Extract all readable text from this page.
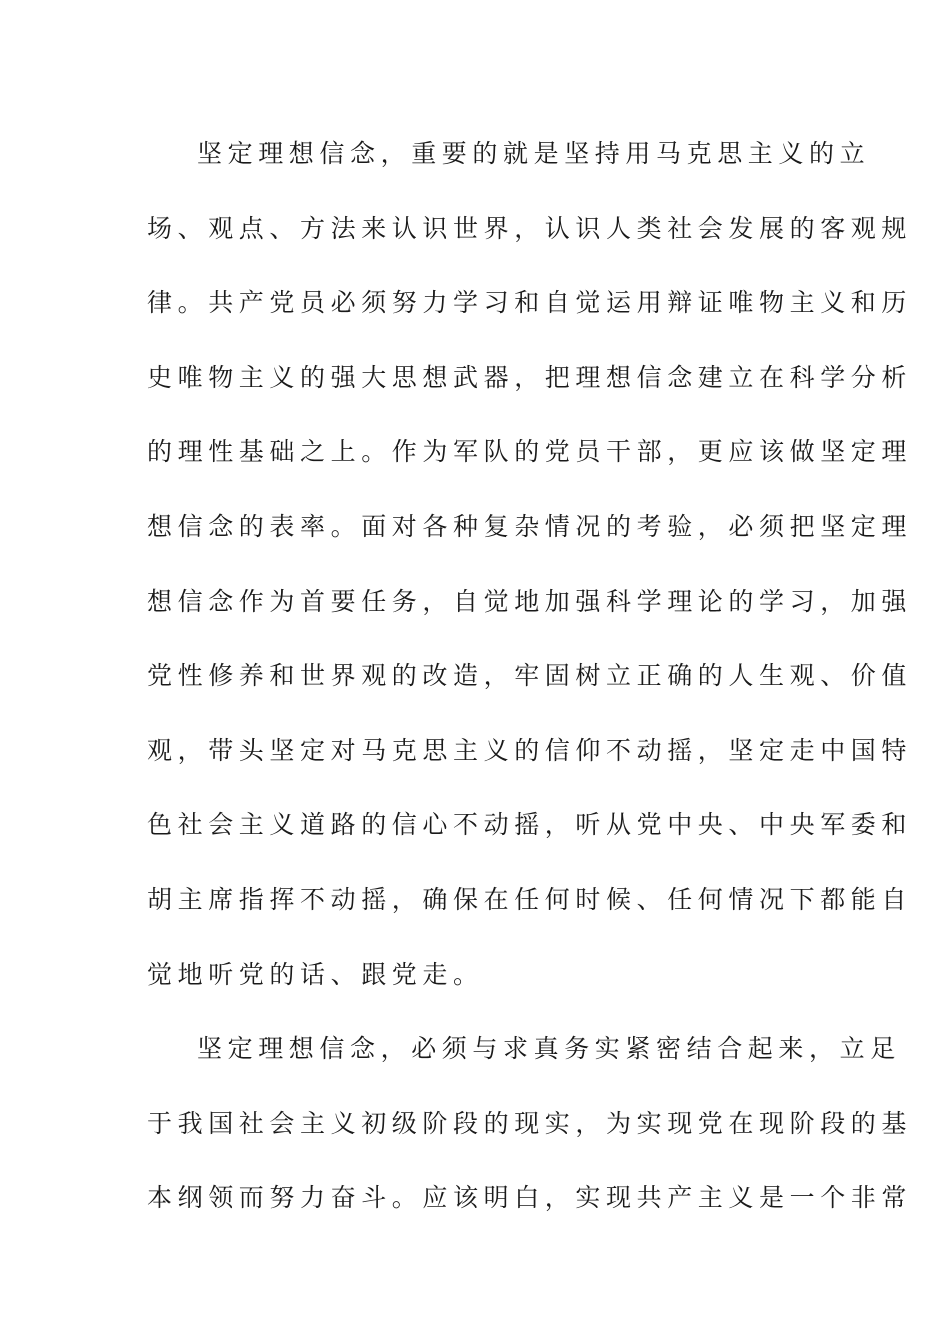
坚定理想信念，重要的就是坚持用马克思主义的立
场、观点、方法来认识世界，认识人类社会发展的客观规
律。共产党员必须努力学习和自觉运用辩证唯物主义和历
史唯物主义的强大思想武器，把理想信念建立在科学分析
的理性基础之上。作为军队的党员干部，更应该做坚定理
想信念的表率。面对各种复杂情况的考验，必须把坚定理
想信念作为首要任务，自觉地加强科学理论的学习，加强
党性修养和世界观的改造，牢固树立正确的人生观、价值
观，带头坚定对马克思主义的信仰不动摇，坚定走中国特
色社会主义道路的信心不动摇，听从党中央、中央军委和
胡主席指挥不动摇，确保在任何时候、任何情况下都能自
觉地听党的话、跟党走。
坚定理想信念，必须与求真务实紧密结合起来，立足
于我国社会主义初级阶段的现实，为实现党在现阶段的基
本纲领而努力奋斗。应该明白，实现共产主义是一个非常
